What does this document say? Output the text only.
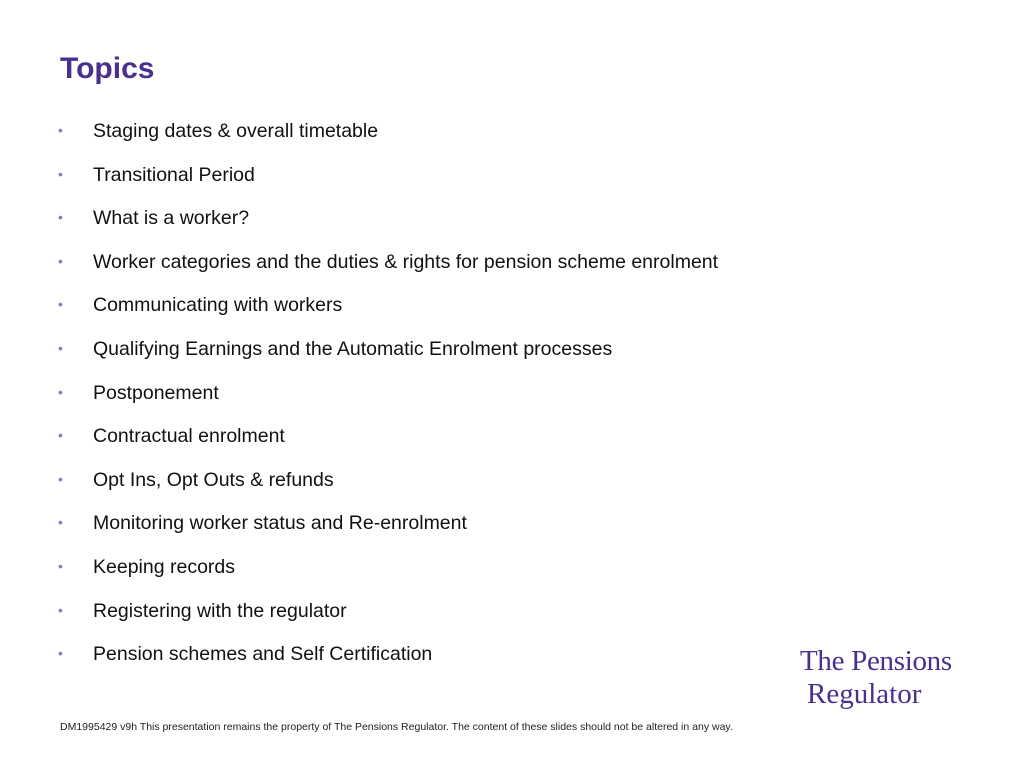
Topics
•	Staging dates & overall timetable
•	Transitional Period
•	What is a worker?
•	Worker categories and the duties & rights for pension scheme enrolment
•	Communicating with workers
•	Qualifying Earnings and the Automatic Enrolment processes
•	Postponement
•	Contractual enrolment
•	Opt Ins, Opt Outs & refunds
•	Monitoring worker status and Re-enrolment
•	Keeping records
•	Registering with the regulator
•	Pension schemes and Self Certification	The Pensions
Regulator
DM1995429 v9h This presentation remains the property of The Pensions Regulator. The content of these slides should not be altered in any way.
